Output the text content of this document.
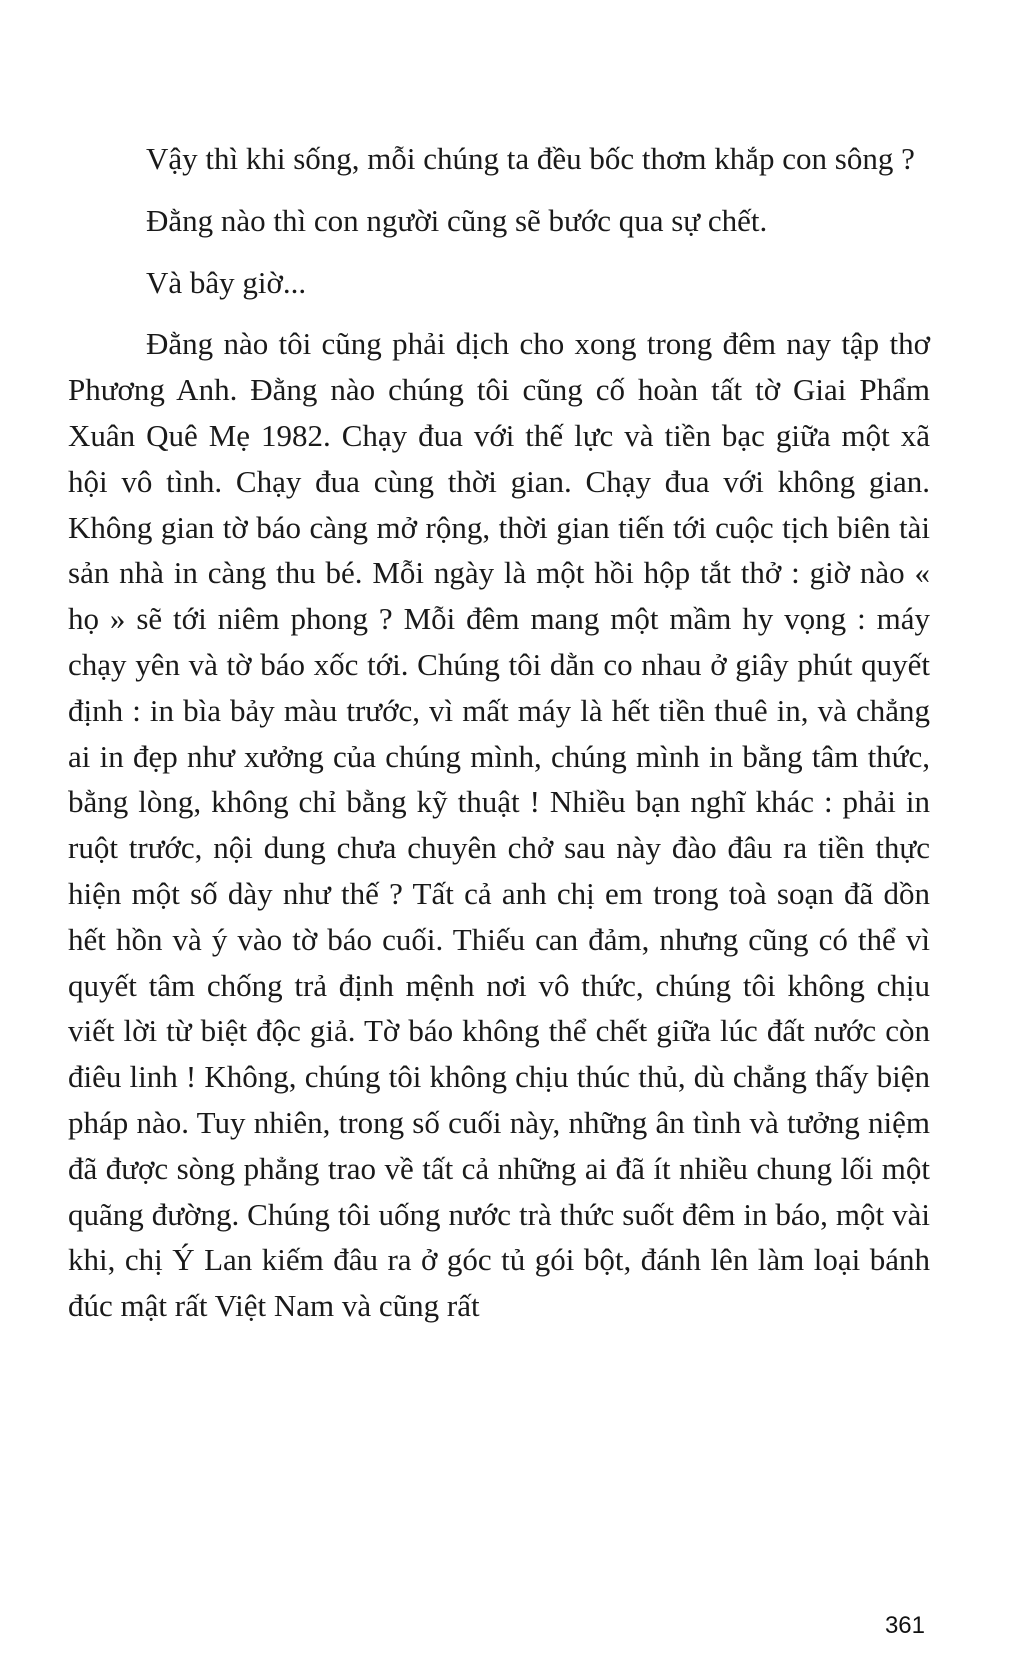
Vậy thì khi sống, mỗi chúng ta đều bốc thơm khắp con sông ?

Đằng nào thì con người cũng sẽ bước qua sự chết.

Và bây giờ...

Đằng nào tôi cũng phải dịch cho xong trong đêm nay tập thơ Phương Anh. Đằng nào chúng tôi cũng cố hoàn tất tờ Giai Phẩm Xuân Quê Mẹ 1982. Chạy đua với thế lực và tiền bạc giữa một xã hội vô tình. Chạy đua cùng thời gian. Chạy đua với không gian. Không gian tờ báo càng mở rộng, thời gian tiến tới cuộc tịch biên tài sản nhà in càng thu bé. Mỗi ngày là một hồi hộp tắt thở : giờ nào « họ » sẽ tới niêm phong ? Mỗi đêm mang một mầm hy vọng : máy chạy yên và tờ báo xốc tới. Chúng tôi dằn co nhau ở giây phút quyết định : in bìa bảy màu trước, vì mất máy là hết tiền thuê in, và chẳng ai in đẹp như xưởng của chúng mình, chúng mình in bằng tâm thức, bằng lòng, không chỉ bằng kỹ thuật ! Nhiều bạn nghĩ khác : phải in ruột trước, nội dung chưa chuyên chở sau này đào đâu ra tiền thực hiện một số dày như thế ? Tất cả anh chị em trong toà soạn đã dồn hết hồn và ý vào tờ báo cuối. Thiếu can đảm, nhưng cũng có thể vì quyết tâm chống trả định mệnh nơi vô thức, chúng tôi không chịu viết lời từ biệt độc giả. Tờ báo không thể chết giữa lúc đất nước còn điêu linh ! Không, chúng tôi không chịu thúc thủ, dù chẳng thấy biện pháp nào. Tuy nhiên, trong số cuối này, những ân tình và tưởng niệm đã được sòng phẳng trao về tất cả những ai đã ít nhiều chung lối một quãng đường. Chúng tôi uống nước trà thức suốt đêm in báo, một vài khi, chị Ý Lan kiếm đâu ra ở góc tủ gói bột, đánh lên làm loại bánh đúc mật rất Việt Nam và cũng rất

361
